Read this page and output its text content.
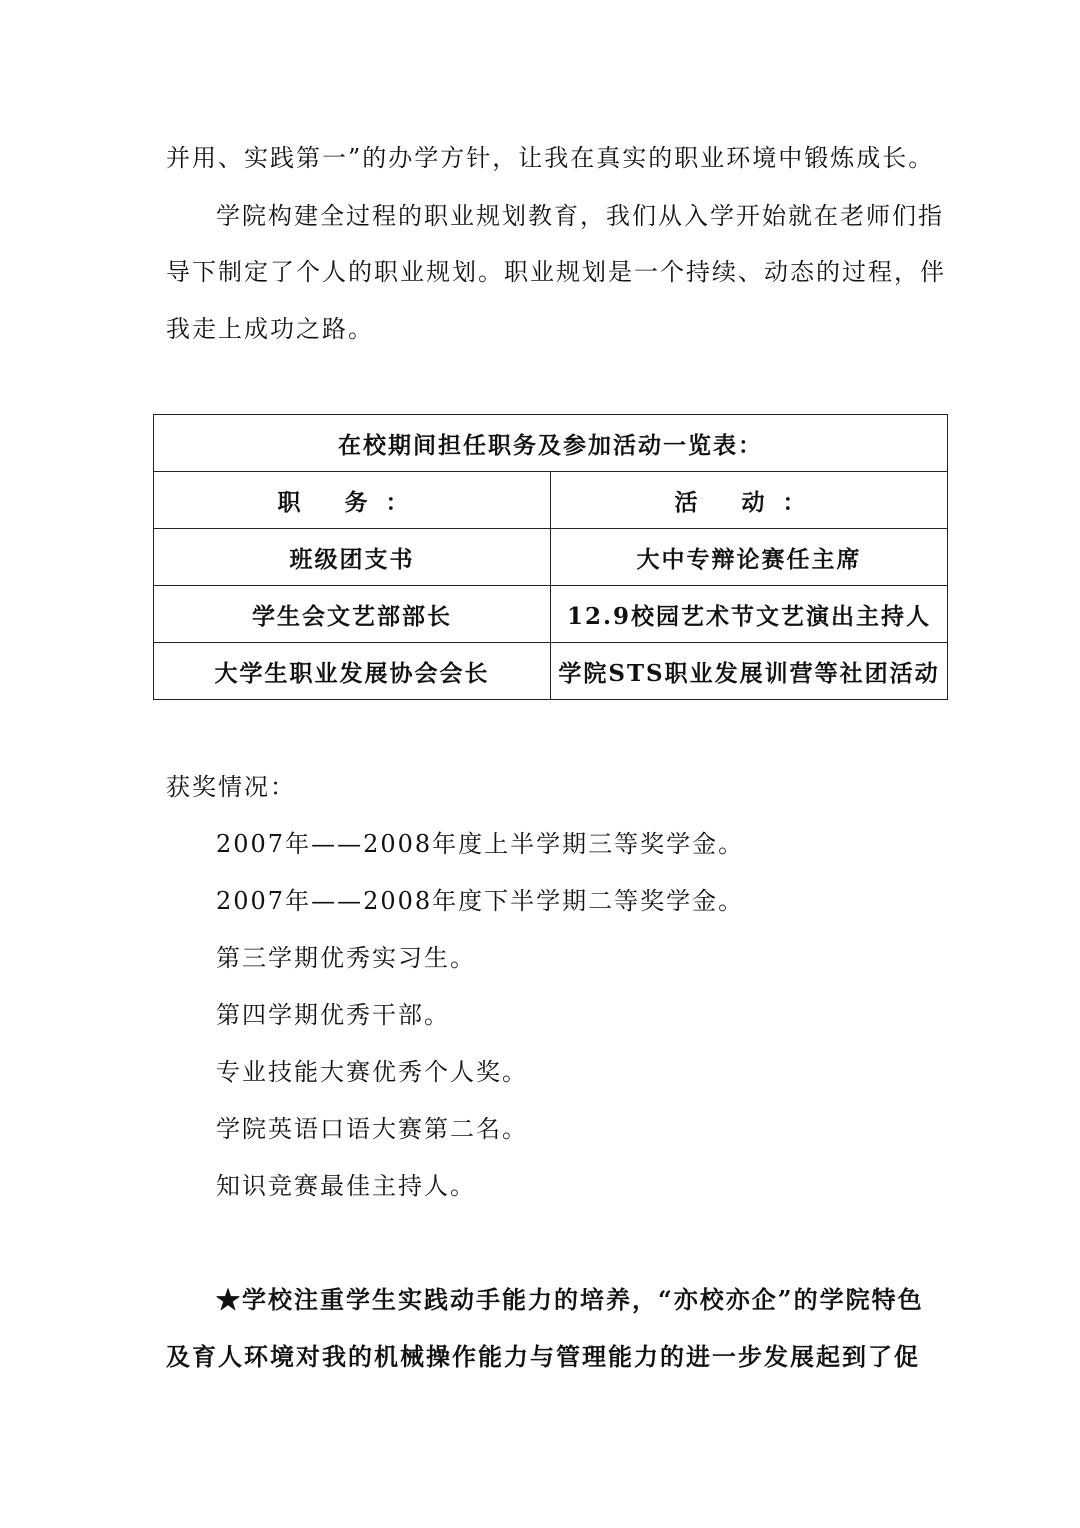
并用、实践第一”的办学方针，让我在真实的职业环境中锻炼成长。
学院构建全过程的职业规划教育，我们从入学开始就在老师们指
导下制定了个人的职业规划。职业规划是一个持续、动态的过程，伴
我走上成功之路。
在校期间担任职务及参加活动一览表：	
职 务：	活 动：
班级团支书	大中专辩论赛任主席
学生会文艺部部长	12.9校园艺术节文艺演出主持人
大学生职业发展协会会长	学院STS职业发展训营等社团活动
获奖情况：
2007年——2008年度上半学期三等奖学金。
2007年——2008年度下半学期二等奖学金。
第三学期优秀实习生。
第四学期优秀干部。
专业技能大赛优秀个人奖。
学院英语口语大赛第二名。
知识竞赛最佳主持人。
★学校注重学生实践动手能力的培养，“亦校亦企”的学院特色
及育人环境对我的机械操作能力与管理能力的进一步发展起到了促
